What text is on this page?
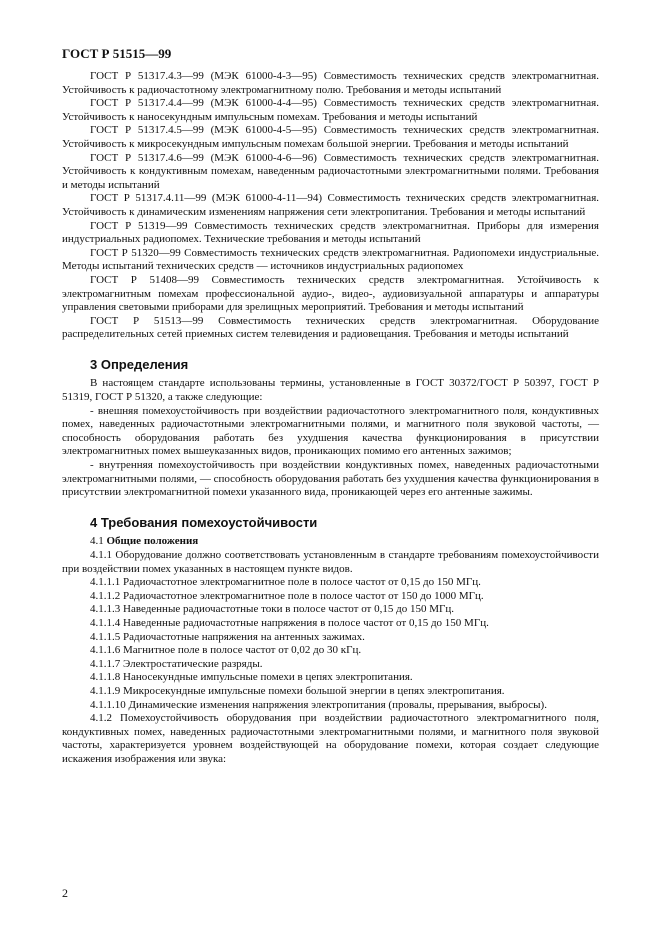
ГОСТ Р 51515—99

ГОСТ Р 51317.4.3—99 (МЭК 61000-4-3—95) Совместимость технических средств электромагнитная. Устойчивость к радиочастотному электромагнитному полю. Требования и методы испытаний

ГОСТ Р 51317.4.4—99 (МЭК 61000-4-4—95) Совместимость технических средств электромагнитная. Устойчивость к наносекундным импульсным помехам. Требования и методы испытаний

ГОСТ Р 51317.4.5—99 (МЭК 61000-4-5—95) Совместимость технических средств электромагнитная. Устойчивость к микросекундным импульсным помехам большой энергии. Требования и методы испытаний

ГОСТ Р 51317.4.6—99 (МЭК 61000-4-6—96) Совместимость технических средств электромагнитная. Устойчивость к кондуктивным помехам, наведенным радиочастотными электромагнитными полями. Требования и методы испытаний

ГОСТ Р 51317.4.11—99 (МЭК 61000-4-11—94) Совместимость технических средств электромагнитная. Устойчивость к динамическим изменениям напряжения сети электропитания. Требования и методы испытаний

ГОСТ Р 51319—99 Совместимость технических средств электромагнитная. Приборы для измерения индустриальных радиопомех. Технические требования и методы испытаний

ГОСТ Р 51320—99 Совместимость технических средств электромагнитная. Радиопомехи индустриальные. Методы испытаний технических средств — источников индустриальных радиопомех

ГОСТ Р 51408—99 Совместимость технических средств электромагнитная. Устойчивость к электромагнитным помехам профессиональной аудио-, видео-, аудиовизуальной аппаратуры и аппаратуры управления световыми приборами для зрелищных мероприятий. Требования и методы испытаний

ГОСТ Р 51513—99 Совместимость технических средств электромагнитная. Оборудование распределительных сетей приемных систем телевидения и радиовещания. Требования и методы испытаний

3 Определения

В настоящем стандарте использованы термины, установленные в ГОСТ 30372/ГОСТ Р 50397, ГОСТ Р 51319, ГОСТ Р 51320, а также следующие:

- внешняя помехоустойчивость при воздействии радиочастотного электромагнитного поля, кондуктивных помех, наведенных радиочастотными электромагнитными полями, и магнитного поля звуковой частоты, — способность оборудования работать без ухудшения качества функционирования в присутствии электромагнитных помех вышеуказанных видов, проникающих помимо его антенных зажимов;

- внутренняя помехоустойчивость при воздействии кондуктивных помех, наведенных радиочастотными электромагнитными полями, — способность оборудования работать без ухудшения качества функционирования в присутствии электромагнитной помехи указанного вида, проникающей через его антенные зажимы.

4 Требования помехоустойчивости

4.1 Общие положения

4.1.1 Оборудование должно соответствовать установленным в стандарте требованиям помехоустойчивости при воздействии помех указанных в настоящем пункте видов.

4.1.1.1 Радиочастотное электромагнитное поле в полосе частот от 0,15 до 150 МГц.

4.1.1.2 Радиочастотное электромагнитное поле в полосе частот от 150 до 1000 МГц.

4.1.1.3 Наведенные радиочастотные токи в полосе частот от 0,15 до 150 МГц.

4.1.1.4 Наведенные радиочастотные напряжения в полосе частот от 0,15 до 150 МГц.

4.1.1.5 Радиочастотные напряжения на антенных зажимах.

4.1.1.6 Магнитное поле в полосе частот от 0,02 до 30 кГц.

4.1.1.7 Электростатические разряды.

4.1.1.8 Наносекундные импульсные помехи в цепях электропитания.

4.1.1.9 Микросекундные импульсные помехи большой энергии в цепях электропитания.

4.1.1.10 Динамические изменения напряжения электропитания (провалы, прерывания, выбросы).

4.1.2 Помехоустойчивость оборудования при воздействии радиочастотного электромагнитного поля, кондуктивных помех, наведенных радиочастотными электромагнитными полями, и магнитного поля звуковой частоты, характеризуется уровнем воздействующей на оборудование помехи, которая создает следующие искажения изображения или звука:

2
